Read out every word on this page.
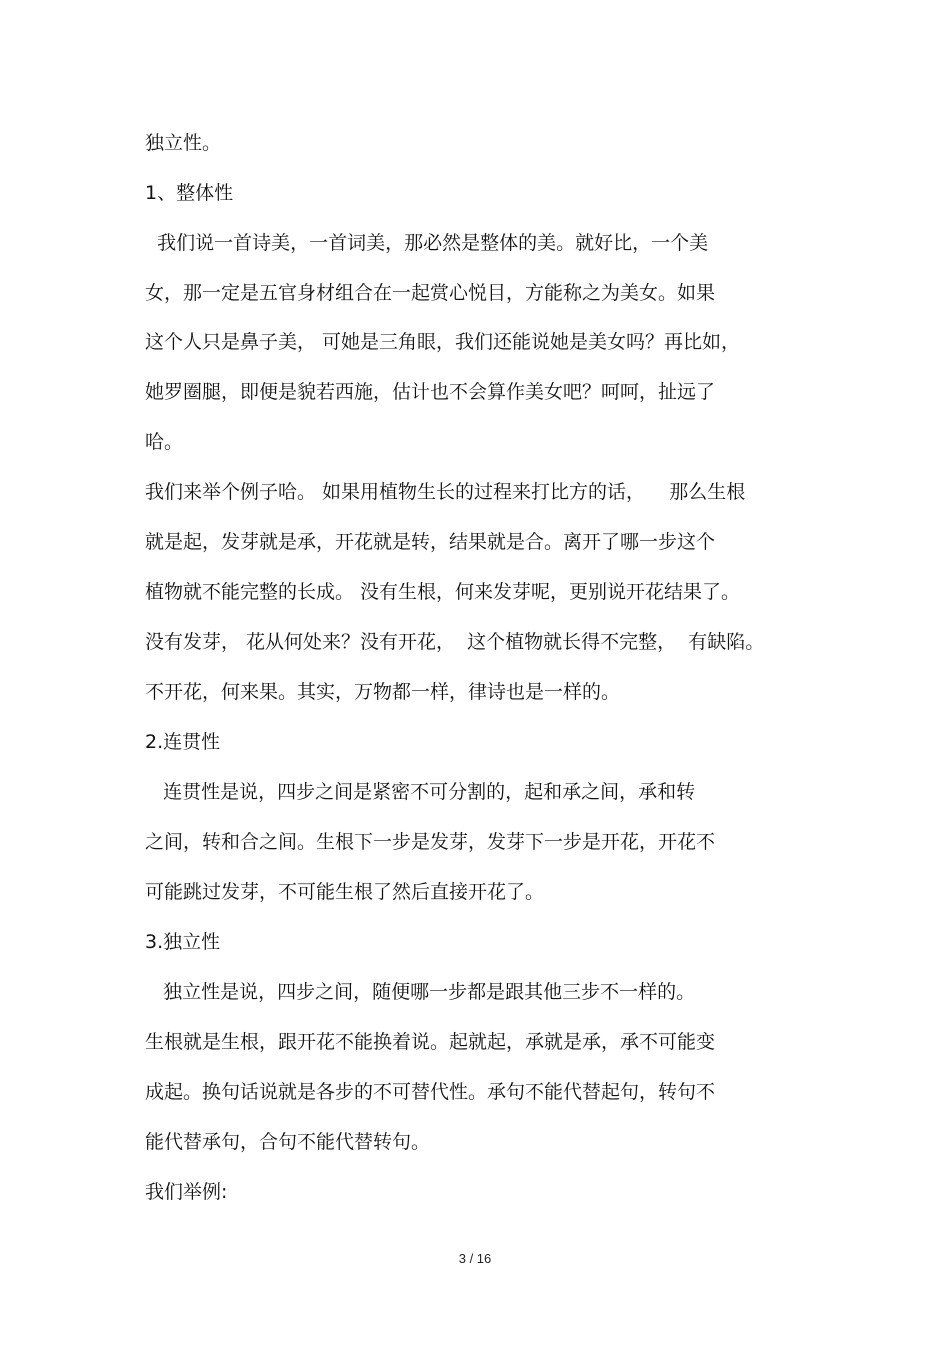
独立性。

1、整体性

我们说一首诗美，一首词美，那必然是整体的美。就好比，一个美

女，那一定是五官身材组合在一起赏心悦目，方能称之为美女。如果

这个人只是鼻子美， 可她是三角眼，我们还能说她是美女吗？再比如，

她罗圈腿，即便是貌若西施，估计也不会算作美女吧？呵呵，扯远了

哈。

我们来举个例子哈。 如果用植物生长的过程来打比方的话，    那么生根

就是起，发芽就是承，开花就是转，结果就是合。离开了哪一步这个

植物就不能完整的长成。 没有生根，何来发芽呢，更别说开花结果了。

没有发芽， 花从何处来？没有开花，  这个植物就长得不完整，  有缺陷。

不开花，何来果。其实，万物都一样，律诗也是一样的。

2.连贯性

连贯性是说，四步之间是紧密不可分割的，起和承之间，承和转

之间，转和合之间。生根下一步是发芽，发芽下一步是开花，开花不

可能跳过发芽，不可能生根了然后直接开花了。

3.独立性

独立性是说，四步之间，随便哪一步都是跟其他三步不一样的。

生根就是生根，跟开花不能换着说。起就起，承就是承，承不可能变

成起。换句话说就是各步的不可替代性。承句不能代替起句，转句不

能代替承句，合句不能代替转句。

我们举例:

3 / 16
